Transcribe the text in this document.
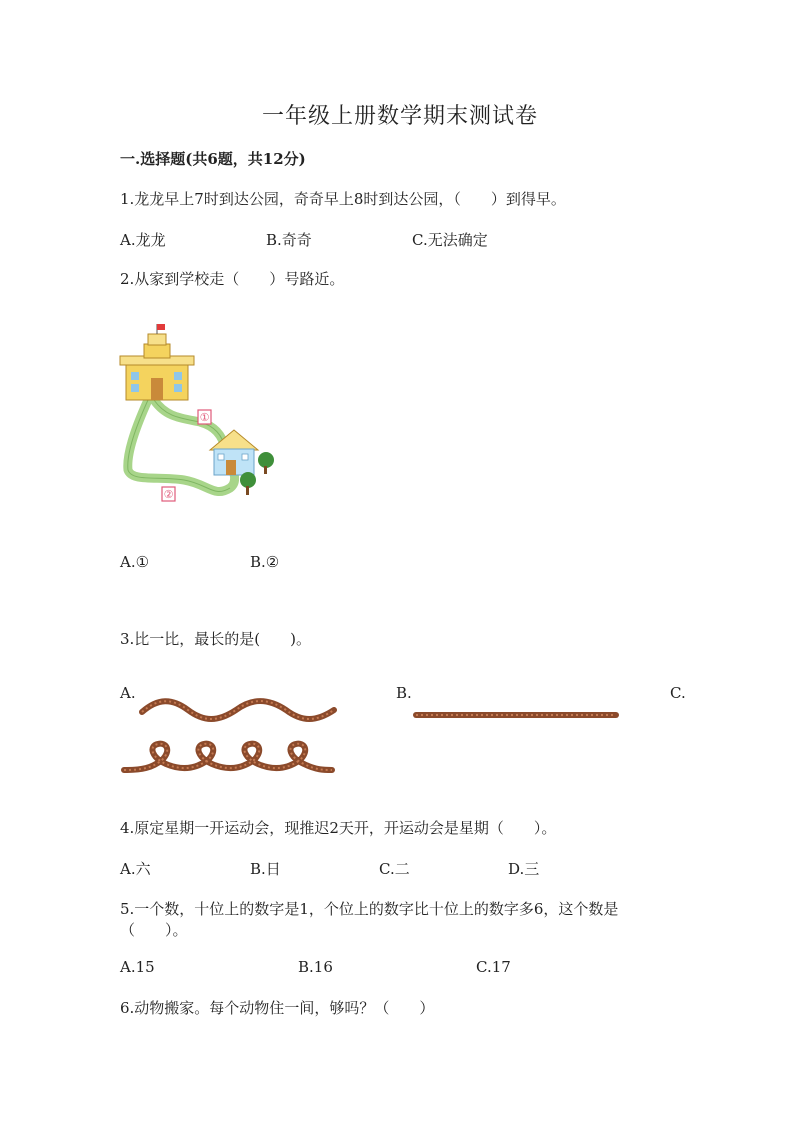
一年级上册数学期末测试卷
一.选择题(共6题，共12分)
1.龙龙早上7时到达公园，奇奇早上8时到达公园，（　　）到得早。
A.龙龙	B.奇奇	C.无法确定
2.从家到学校走（　　）号路近。
①
②
A.①	B.②
3.比一比，最长的是(　　)。
A.	B.	C.
4.原定星期一开运动会，现推迟2天开，开运动会是星期（　　）。
A.六	B.日	C.二	D.三
5.一个数，十位上的数字是1，个位上的数字比十位上的数字多6，这个数是
（　　）。
A.15	B.16	C.17
6.动物搬家。每个动物住一间，够吗？（　　）
